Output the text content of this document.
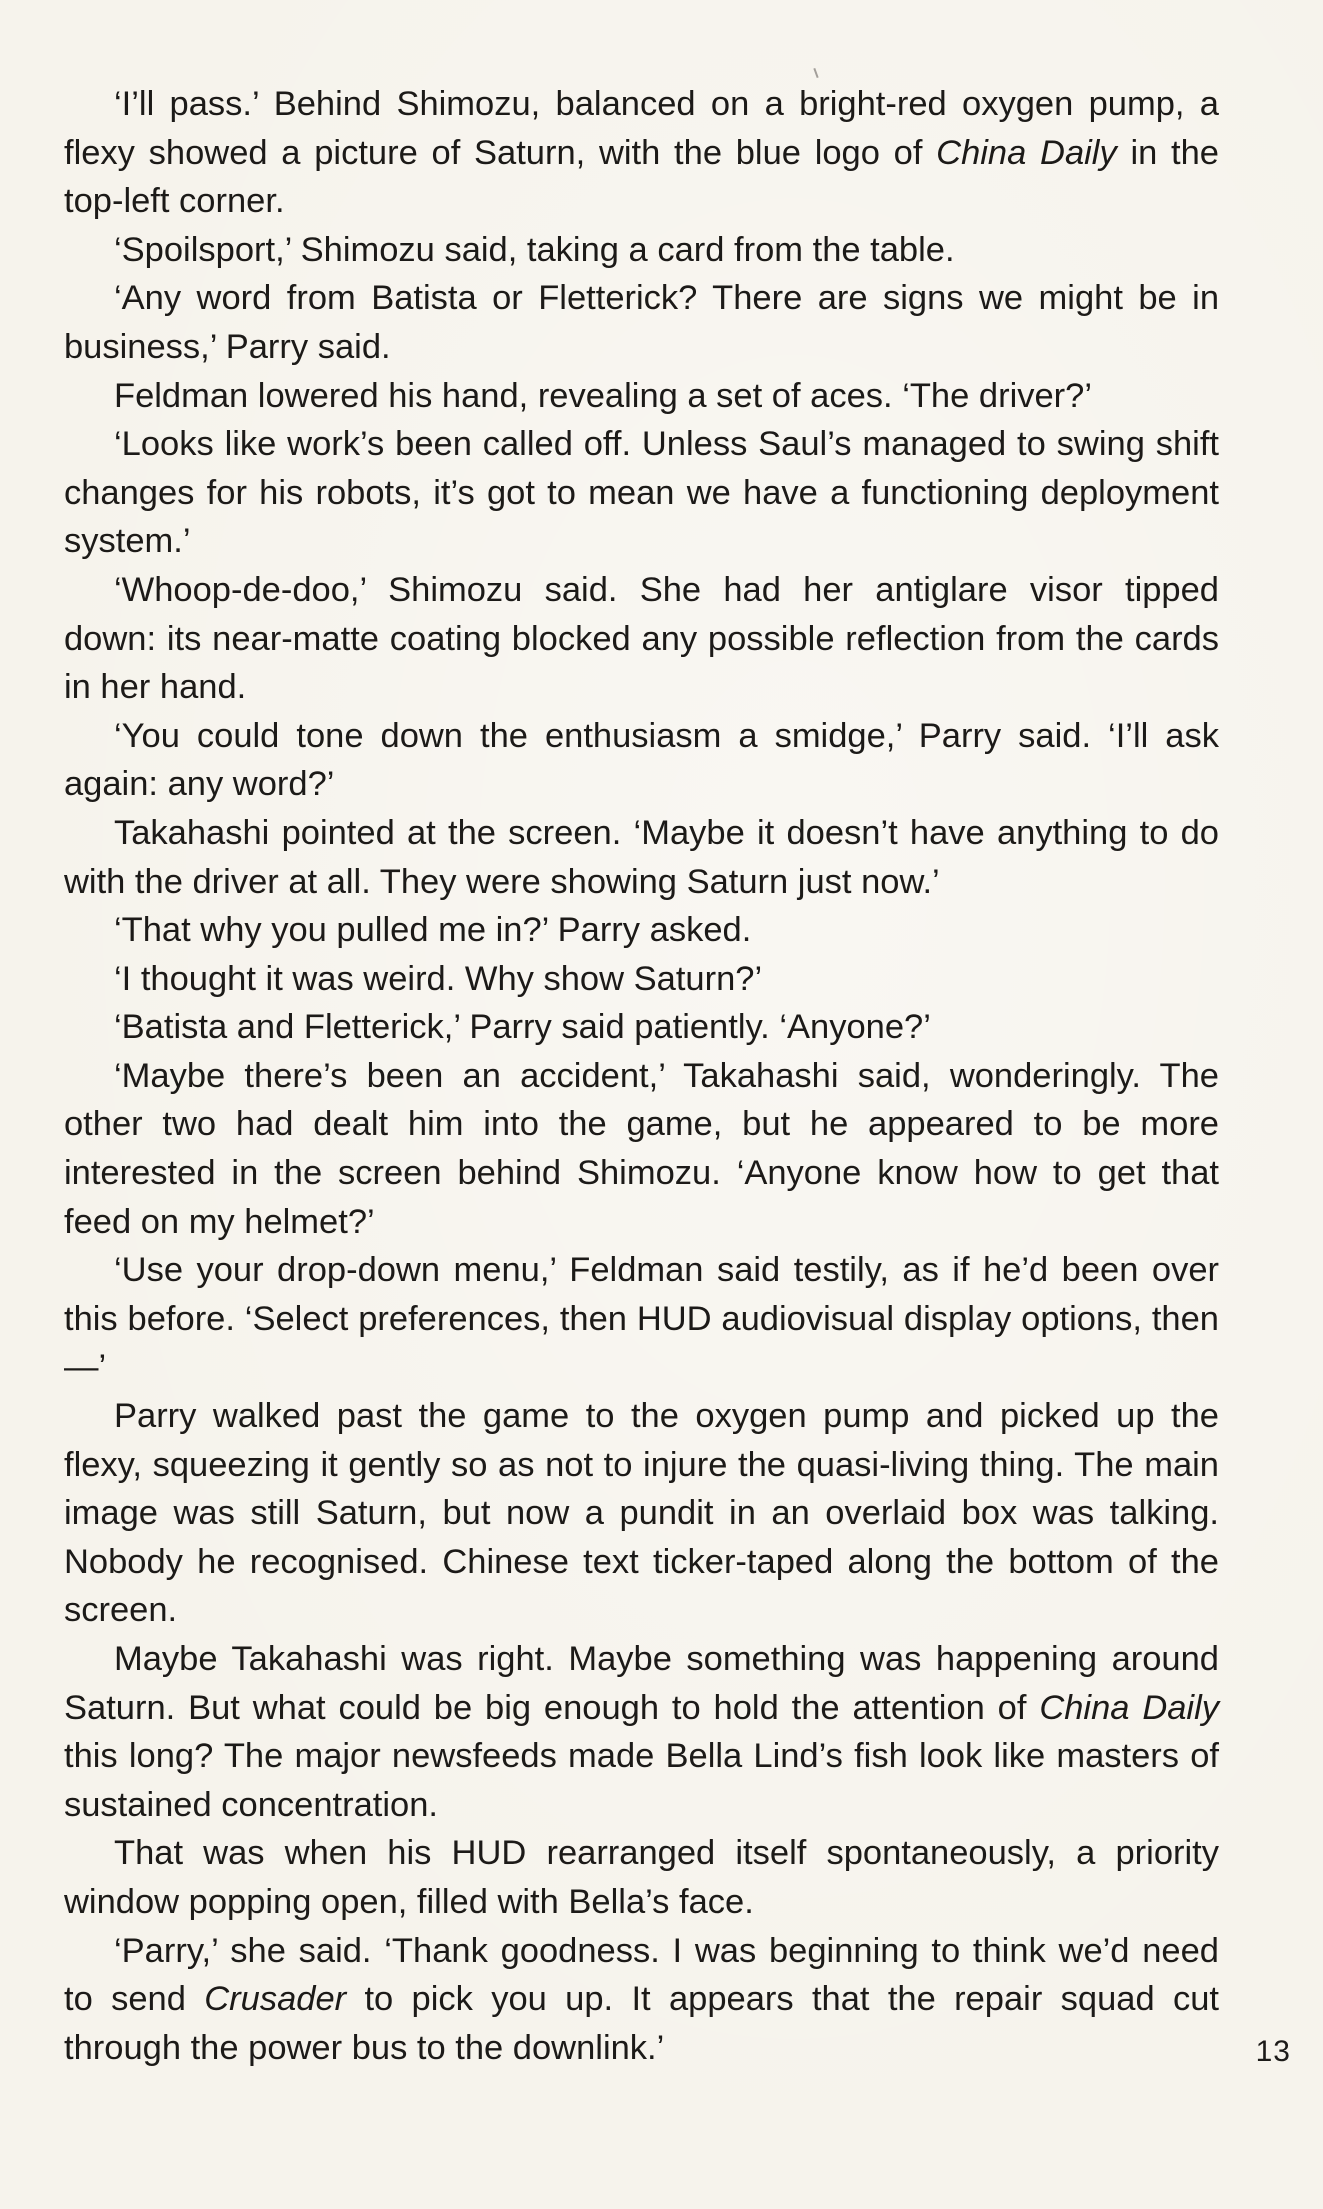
‘I’ll pass.’ Behind Shimozu, balanced on a bright-red oxygen pump, a flexy showed a picture of Saturn, with the blue logo of China Daily in the top-left corner.

‘Spoilsport,’ Shimozu said, taking a card from the table.

‘Any word from Batista or Fletterick? There are signs we might be in business,’ Parry said.

Feldman lowered his hand, revealing a set of aces. ‘The driver?’

‘Looks like work’s been called off. Unless Saul’s managed to swing shift changes for his robots, it’s got to mean we have a functioning deployment system.’

‘Whoop-de-doo,’ Shimozu said. She had her antiglare visor tipped down: its near-matte coating blocked any possible reflection from the cards in her hand.

‘You could tone down the enthusiasm a smidge,’ Parry said. ‘I’ll ask again: any word?’

Takahashi pointed at the screen. ‘Maybe it doesn’t have anything to do with the driver at all. They were showing Saturn just now.’

‘That why you pulled me in?’ Parry asked.

‘I thought it was weird. Why show Saturn?’

‘Batista and Fletterick,’ Parry said patiently. ‘Anyone?’

‘Maybe there’s been an accident,’ Takahashi said, wonderingly. The other two had dealt him into the game, but he appeared to be more interested in the screen behind Shimozu. ‘Anyone know how to get that feed on my helmet?’

‘Use your drop-down menu,’ Feldman said testily, as if he’d been over this before. ‘Select preferences, then HUD audiovisual display options, then—’

Parry walked past the game to the oxygen pump and picked up the flexy, squeezing it gently so as not to injure the quasi-living thing. The main image was still Saturn, but now a pundit in an overlaid box was talking. Nobody he recognised. Chinese text ticker-taped along the bottom of the screen.

Maybe Takahashi was right. Maybe something was happening around Saturn. But what could be big enough to hold the attention of China Daily this long? The major newsfeeds made Bella Lind’s fish look like masters of sustained concentration.

That was when his HUD rearranged itself spontaneously, a priority window popping open, filled with Bella’s face.

‘Parry,’ she said. ‘Thank goodness. I was beginning to think we’d need to send Crusader to pick you up. It appears that the repair squad cut through the power bus to the downlink.’	13
